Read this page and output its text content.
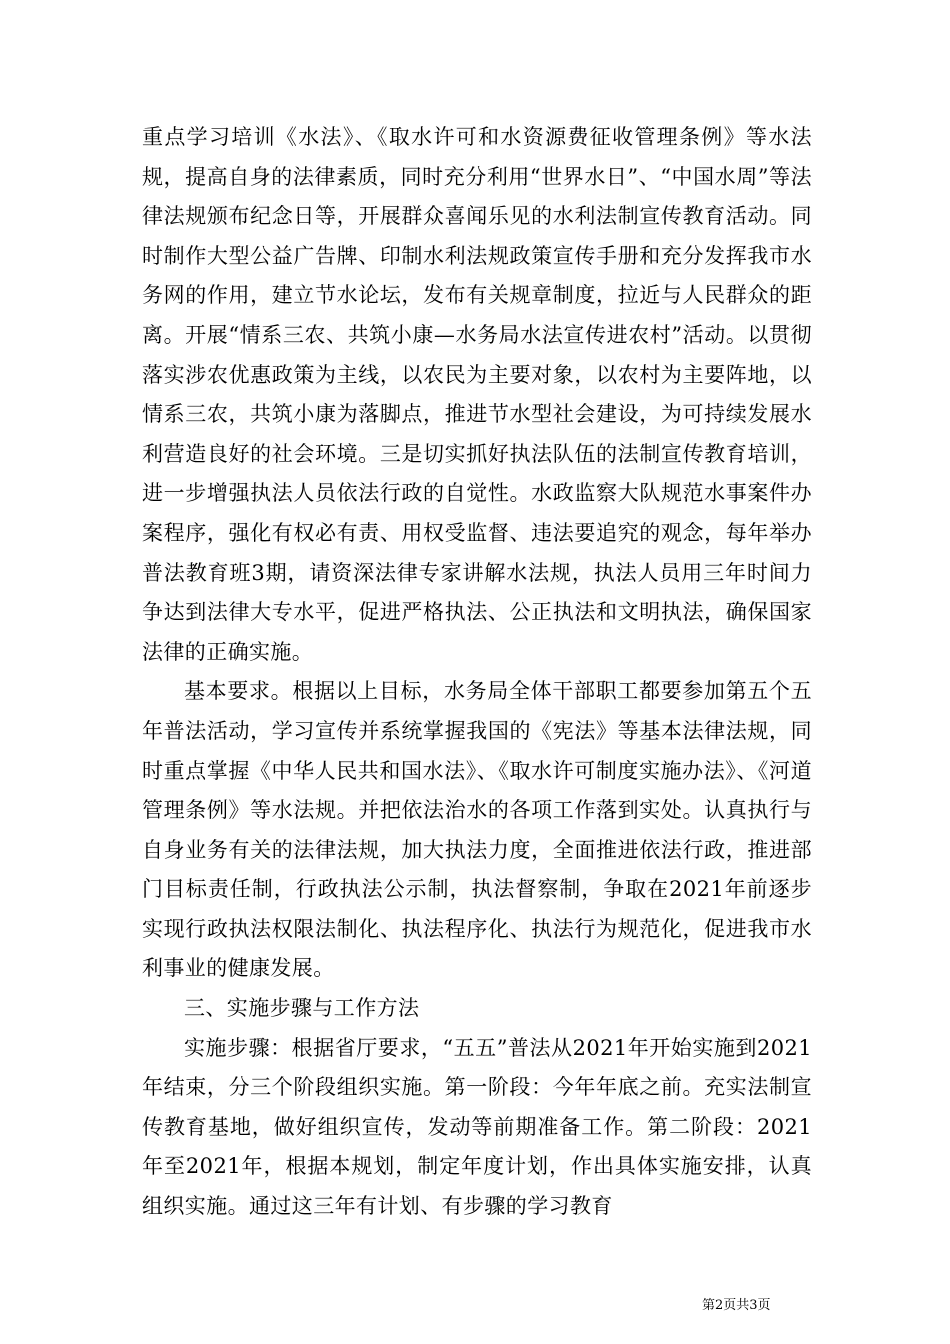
重点学习培训《水法》、《取水许可和水资源费征收管理条例》等水法规，提高自身的法律素质，同时充分利用“世界水日”、“中国水周”等法律法规颁布纪念日等，开展群众喜闻乐见的水利法制宣传教育活动。同时制作大型公益广告牌、印制水利法规政策宣传手册和充分发挥我市水务网的作用，建立节水论坛，发布有关规章制度，拉近与人民群众的距离。开展“情系三农、共筑小康—水务局水法宣传进农村”活动。以贯彻落实涉农优惠政策为主线，以农民为主要对象，以农村为主要阵地，以情系三农，共筑小康为落脚点，推进节水型社会建设，为可持续发展水利营造良好的社会环境。三是切实抓好执法队伍的法制宣传教育培训，进一步增强执法人员依法行政的自觉性。水政监察大队规范水事案件办案程序，强化有权必有责、用权受监督、违法要追究的观念，每年举办普法教育班3期，请资深法律专家讲解水法规，执法人员用三年时间力争达到法律大专水平，促进严格执法、公正执法和文明执法，确保国家法律的正确实施。

基本要求。根据以上目标，水务局全体干部职工都要参加第五个五年普法活动，学习宣传并系统掌握我国的《宪法》等基本法律法规，同时重点掌握《中华人民共和国水法》、《取水许可制度实施办法》、《河道管理条例》等水法规。并把依法治水的各项工作落到实处。认真执行与自身业务有关的法律法规，加大执法力度，全面推进依法行政，推进部门目标责任制，行政执法公示制，执法督察制，争取在2021年前逐步实现行政执法权限法制化、执法程序化、执法行为规范化，促进我市水利事业的健康发展。

三、实施步骤与工作方法

实施步骤：根据省厅要求，“五五”普法从2021年开始实施到2021年结束，分三个阶段组织实施。第一阶段：今年年底之前。充实法制宣传教育基地，做好组织宣传，发动等前期准备工作。第二阶段：2021年至2021年，根据本规划，制定年度计划，作出具体实施安排，认真组织实施。通过这三年有计划、有步骤的学习教育

第2页共3页
